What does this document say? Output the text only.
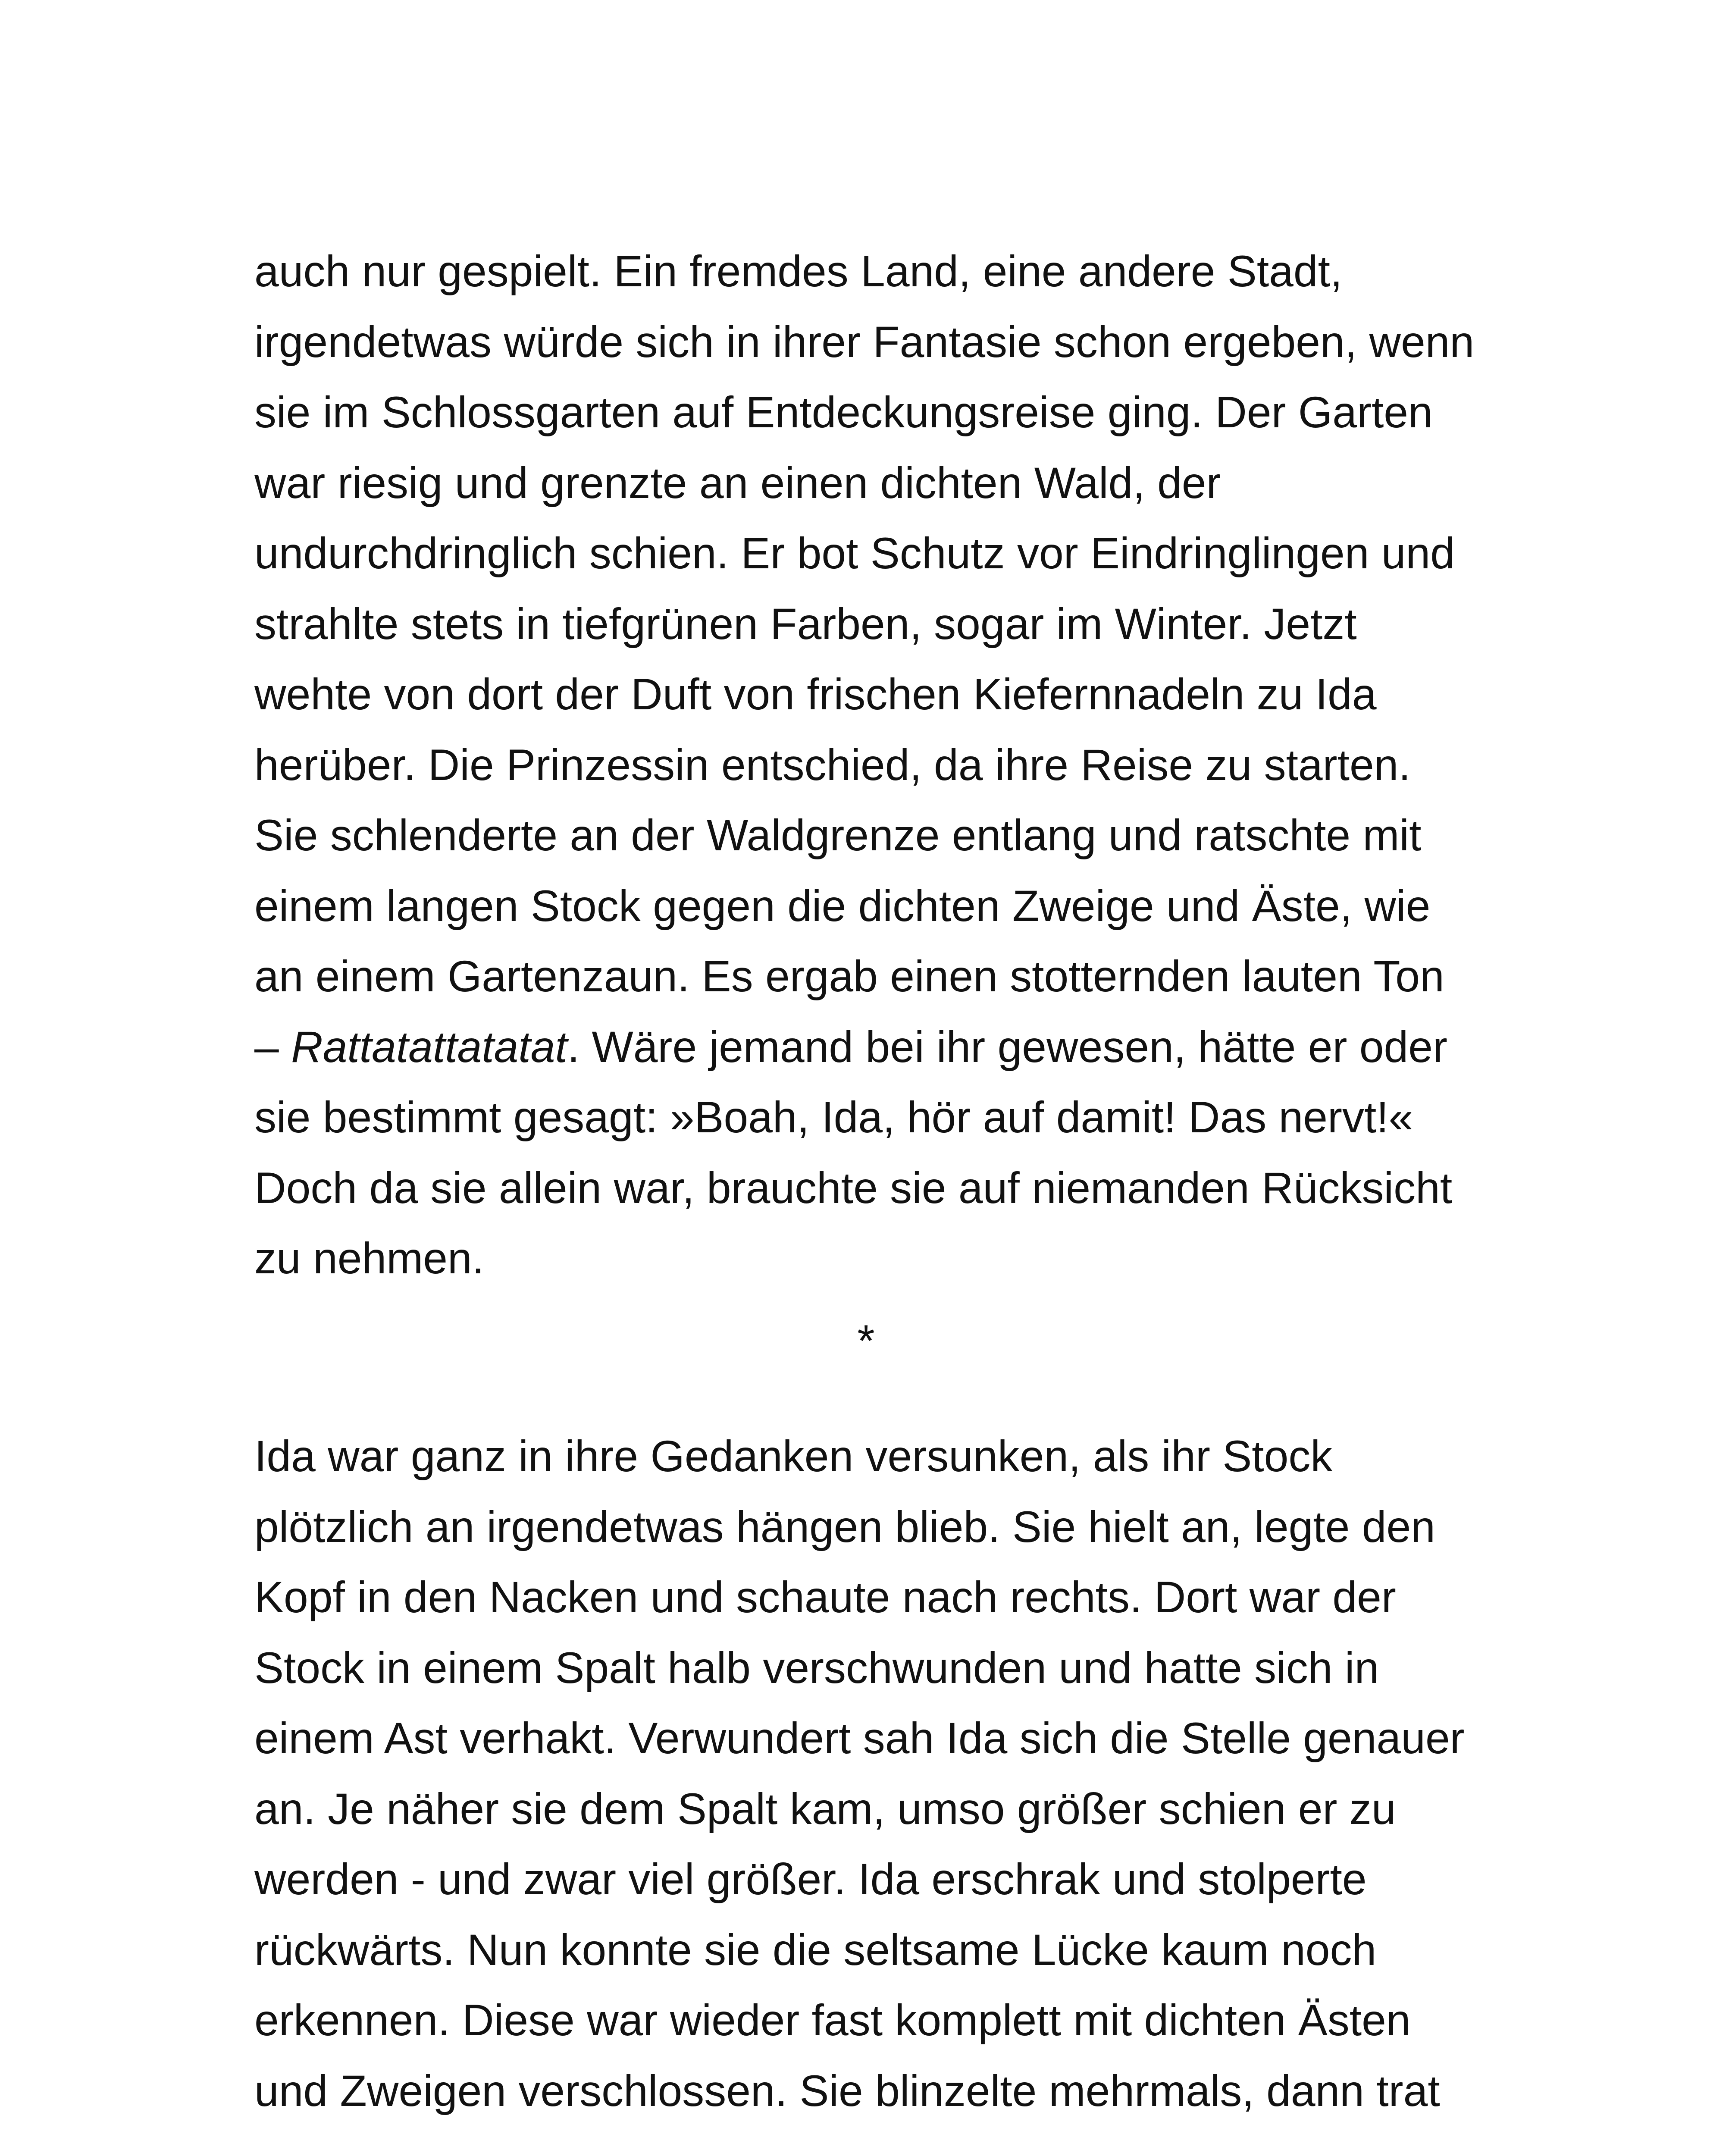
auch nur gespielt. Ein fremdes Land, eine andere Stadt,
irgendetwas würde sich in ihrer Fantasie schon ergeben, wenn
sie im Schlossgarten auf Entdeckungsreise ging. Der Garten
war riesig und grenzte an einen dichten Wald, der
undurchdringlich schien. Er bot Schutz vor Eindringlingen und
strahlte stets in tiefgrünen Farben, sogar im Winter. Jetzt
wehte von dort der Duft von frischen Kiefernnadeln zu Ida
herüber. Die Prinzessin entschied, da ihre Reise zu starten.
Sie schlenderte an der Waldgrenze entlang und ratschte mit
einem langen Stock gegen die dichten Zweige und Äste, wie
an einem Gartenzaun. Es ergab einen stotternden lauten Ton
– Rattatattatatat. Wäre jemand bei ihr gewesen, hätte er oder
sie bestimmt gesagt: »Boah, Ida, hör auf damit! Das nervt!«
Doch da sie allein war, brauchte sie auf niemanden Rücksicht
zu nehmen.
*
Ida war ganz in ihre Gedanken versunken, als ihr Stock
plötzlich an irgendetwas hängen blieb. Sie hielt an, legte den
Kopf in den Nacken und schaute nach rechts. Dort war der
Stock in einem Spalt halb verschwunden und hatte sich in
einem Ast verhakt. Verwundert sah Ida sich die Stelle genauer
an. Je näher sie dem Spalt kam, umso größer schien er zu
werden - und zwar viel größer. Ida erschrak und stolperte
rückwärts. Nun konnte sie die seltsame Lücke kaum noch
erkennen. Diese war wieder fast komplett mit dichten Ästen
und Zweigen verschlossen. Sie blinzelte mehrmals, dann trat
